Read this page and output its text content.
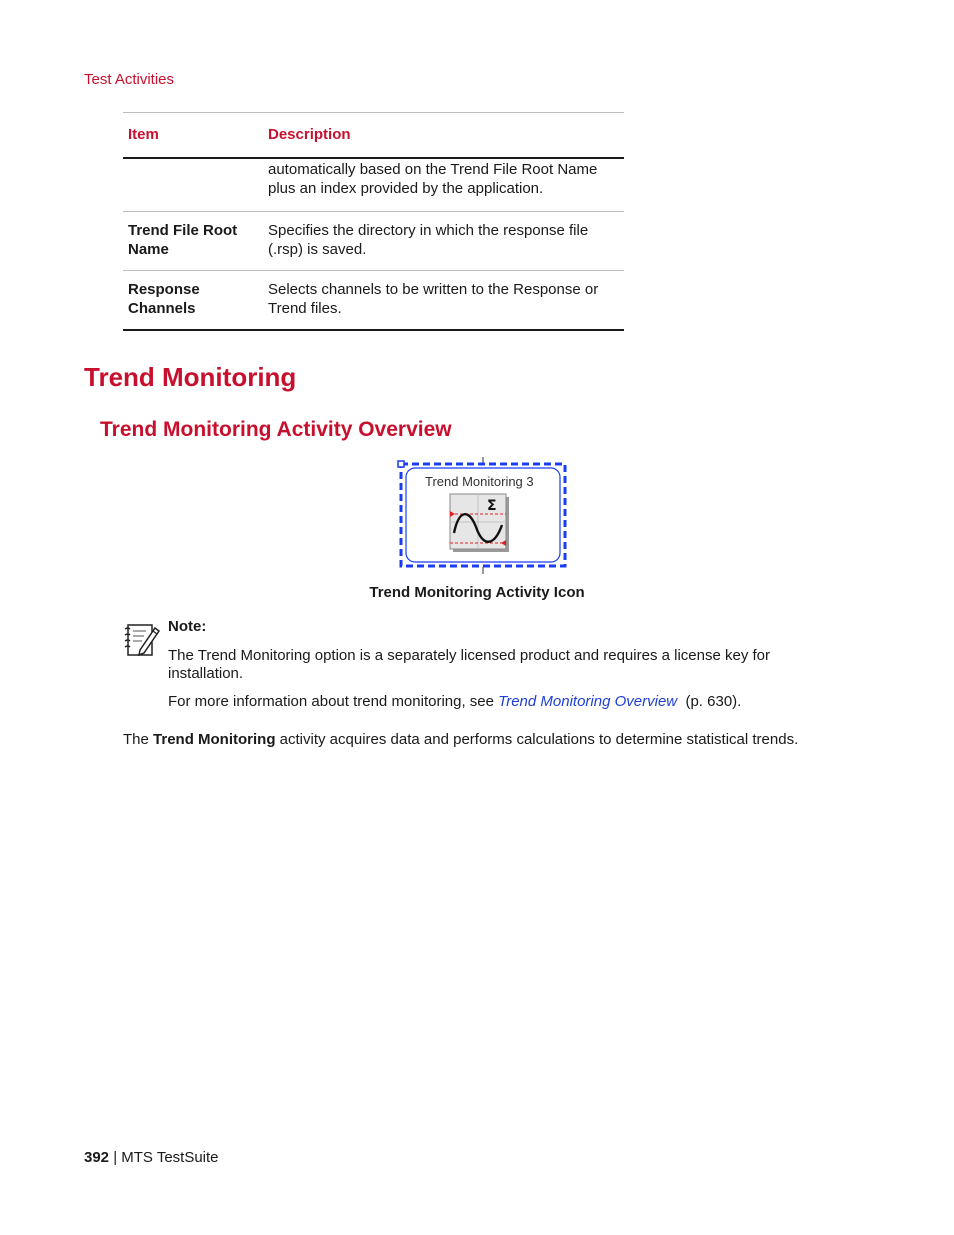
Test Activities
Item	Description
	automatically based on the Trend File Root Name plus an index provided by the application.
Trend File Root Name	Specifies the directory in which the response file (.rsp) is saved.
Response Channels	Selects channels to be written to the Response or Trend files.
Trend Monitoring
Trend Monitoring Activity Overview
Trend Monitoring 3
Σ
Trend Monitoring Activity Icon
Note:
The Trend Monitoring option is a separately licensed product and requires a license key for installation.
For more information about trend monitoring, see Trend Monitoring Overview  (p. 630).
The Trend Monitoring activity acquires data and performs calculations to determine statistical trends.
392 | MTS TestSuite
